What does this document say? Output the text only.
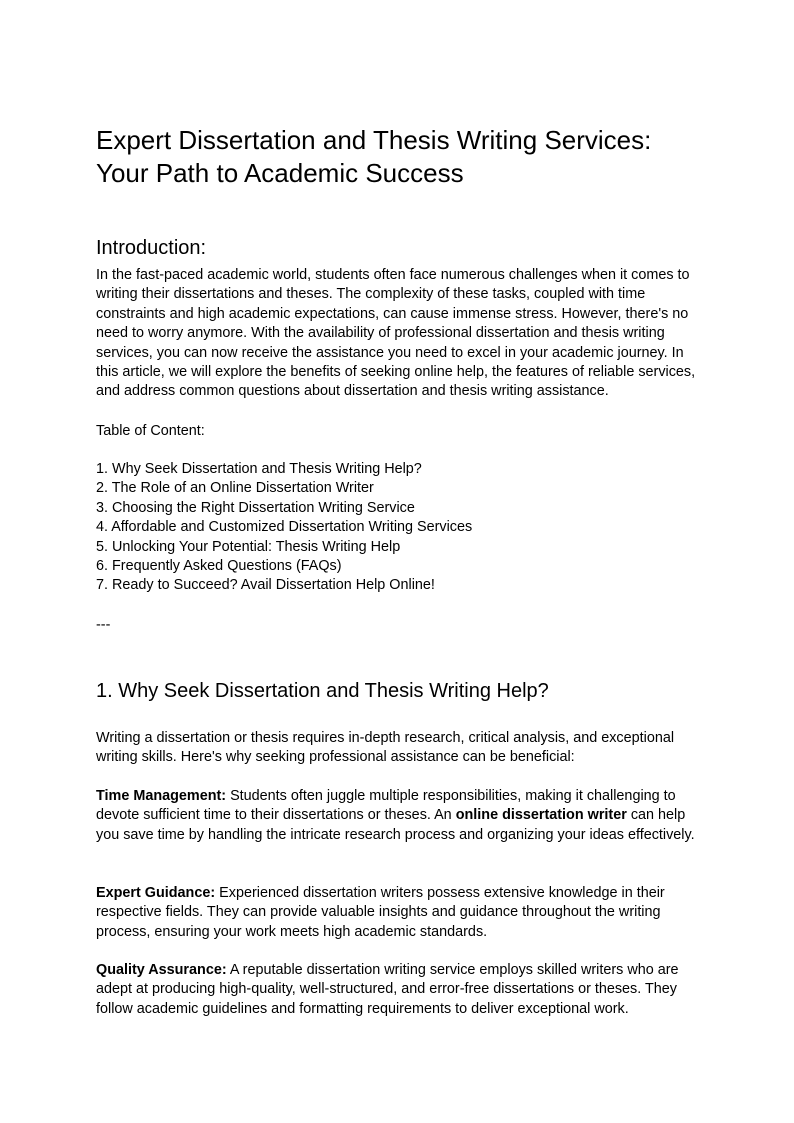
Expert Dissertation and Thesis Writing Services:
Your Path to Academic Success
Introduction:

In the fast-paced academic world, students often face numerous challenges when it comes to writing their dissertations and theses. The complexity of these tasks, coupled with time constraints and high academic expectations, can cause immense stress. However, there's no need to worry anymore. With the availability of professional dissertation and thesis writing services, you can now receive the assistance you need to excel in your academic journey. In this article, we will explore the benefits of seeking online help, the features of reliable services, and address common questions about dissertation and thesis writing assistance.

Table of Content:

1. Why Seek Dissertation and Thesis Writing Help?
2. The Role of an Online Dissertation Writer
3. Choosing the Right Dissertation Writing Service
4. Affordable and Customized Dissertation Writing Services
5. Unlocking Your Potential: Thesis Writing Help
6. Frequently Asked Questions (FAQs)
7. Ready to Succeed? Avail Dissertation Help Online!

---

1. Why Seek Dissertation and Thesis Writing Help?

Writing a dissertation or thesis requires in-depth research, critical analysis, and exceptional writing skills. Here's why seeking professional assistance can be beneficial:

Time Management: Students often juggle multiple responsibilities, making it challenging to devote sufficient time to their dissertations or theses. An online dissertation writer can help you save time by handling the intricate research process and organizing your ideas effectively.

Expert Guidance: Experienced dissertation writers possess extensive knowledge in their respective fields. They can provide valuable insights and guidance throughout the writing process, ensuring your work meets high academic standards.

Quality Assurance: A reputable dissertation writing service employs skilled writers who are adept at producing high-quality, well-structured, and error-free dissertations or theses. They follow academic guidelines and formatting requirements to deliver exceptional work.
